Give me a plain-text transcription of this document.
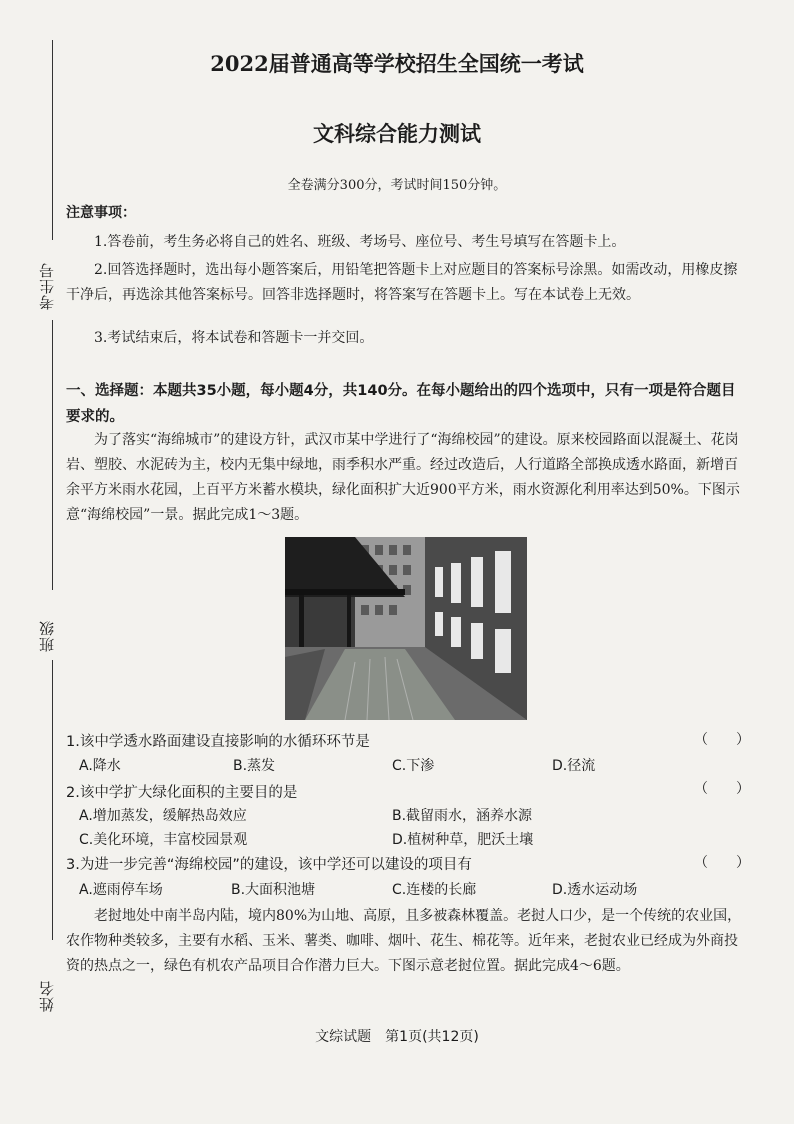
考生号
班级
姓名
2022届普通高等学校招生全国统一考试
文科综合能力测试
全卷满分300分，考试时间150分钟。
注意事项：
1.答卷前，考生务必将自己的姓名、班级、考场号、座位号、考生号填写在答题卡上。
2.回答选择题时，选出每小题答案后，用铅笔把答题卡上对应题目的答案标号涂黑。如需改动，用橡皮擦干净后，再选涂其他答案标号。回答非选择题时，将答案写在答题卡上。写在本试卷上无效。
3.考试结束后，将本试卷和答题卡一并交回。
一、选择题：本题共35小题，每小题4分，共140分。在每小题给出的四个选项中，只有一项是符合题目要求的。
为了落实“海绵城市”的建设方针，武汉市某中学进行了“海绵校园”的建设。原来校园路面以混凝土、花岗岩、塑胶、水泥砖为主，校内无集中绿地，雨季积水严重。经过改造后，人行道路全部换成透水路面，新增百余平方米雨水花园，上百平方米蓄水模块，绿化面积扩大近900平方米，雨水资源化利用率达到50%。下图示意“海绵校园”一景。据此完成1～3题。
1.该中学透水路面建设直接影响的水循环环节是	（　　）
A.降水	B.蒸发	C.下渗	D.径流
2.该中学扩大绿化面积的主要目的是	（　　）
A.增加蒸发，缓解热岛效应	B.截留雨水，涵养水源
C.美化环境，丰富校园景观	D.植树种草，肥沃土壤
3.为进一步完善“海绵校园”的建设，该中学还可以建设的项目有	（　　）
A.遮雨停车场	B.大面积池塘	C.连楼的长廊	D.透水运动场
老挝地处中南半岛内陆，境内80%为山地、高原，且多被森林覆盖。老挝人口少，是一个传统的农业国，农作物种类较多，主要有水稻、玉米、薯类、咖啡、烟叶、花生、棉花等。近年来，老挝农业已经成为外商投资的热点之一，绿色有机农产品项目合作潜力巨大。下图示意老挝位置。据此完成4～6题。
文综试题　第1页(共12页)
